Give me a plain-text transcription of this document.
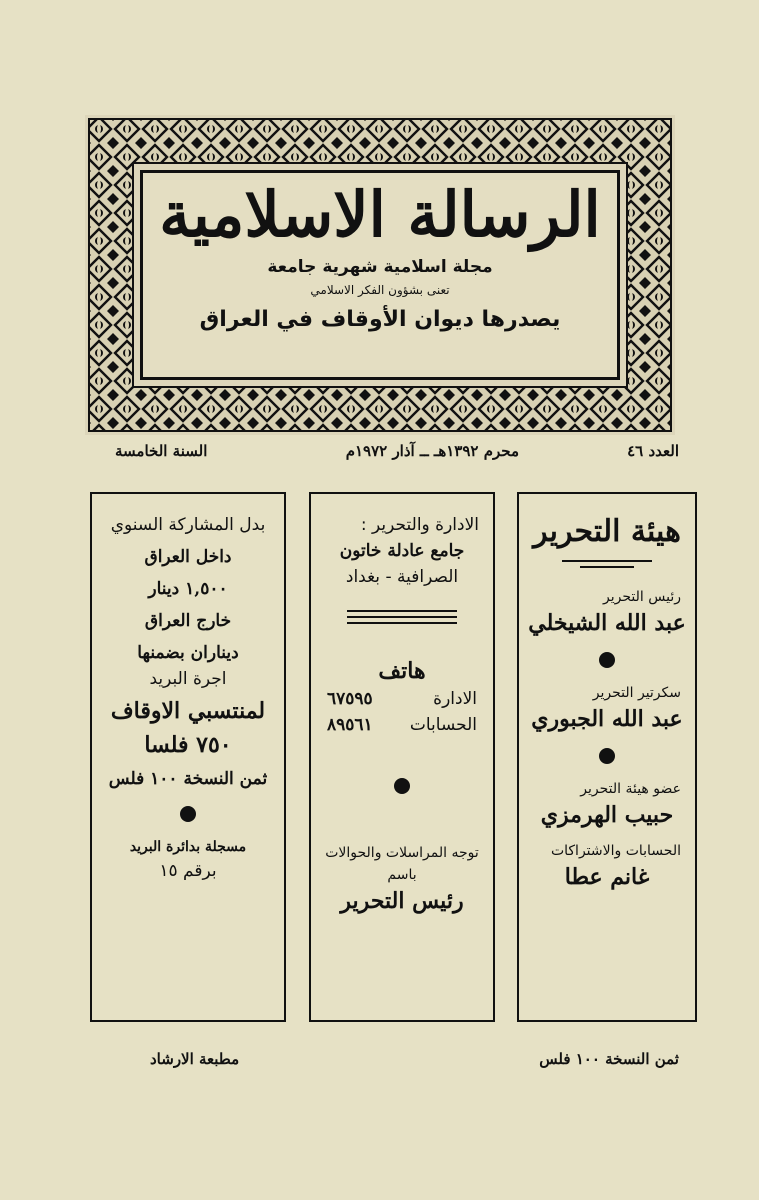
الرسالة الاسلامية
مجلة اسلامية شهرية جامعة
تعنى بشؤون الفكر الاسلامي
يصدرها ديوان الأوقاف في العراق
العدد ٤٦
محرم ١٣٩٢هـ ــ آذار ١٩٧٢م
السنة الخامسة
هيئة التحرير
رئيس التحرير
عبد الله الشيخلي
سكرتير التحرير
عبد الله الجبوري
عضو هيئة التحرير
حبيب الهرمزي
الحسابات والاشتراكات
غانم عطا
الادارة والتحرير :
جامع عادلة خاتون
الصرافية - بغداد
هاتف
الادارة
٦٧٥٩٥
الحسابات
٨٩٥٦١
توجه المراسلات والحوالات
باسم
رئيس التحرير
بدل المشاركة السنوي
داخل العراق
١,٥٠٠ دينار
خارج العراق
ديناران بضمنها
اجرة البريد
لمنتسبي الاوقاف
٧٥٠ فلسا
ثمن النسخة ١٠٠ فلس
مسجلة بدائرة البريد
برقم ١٥
ثمن النسخة ١٠٠ فلس
مطبعة الارشاد
